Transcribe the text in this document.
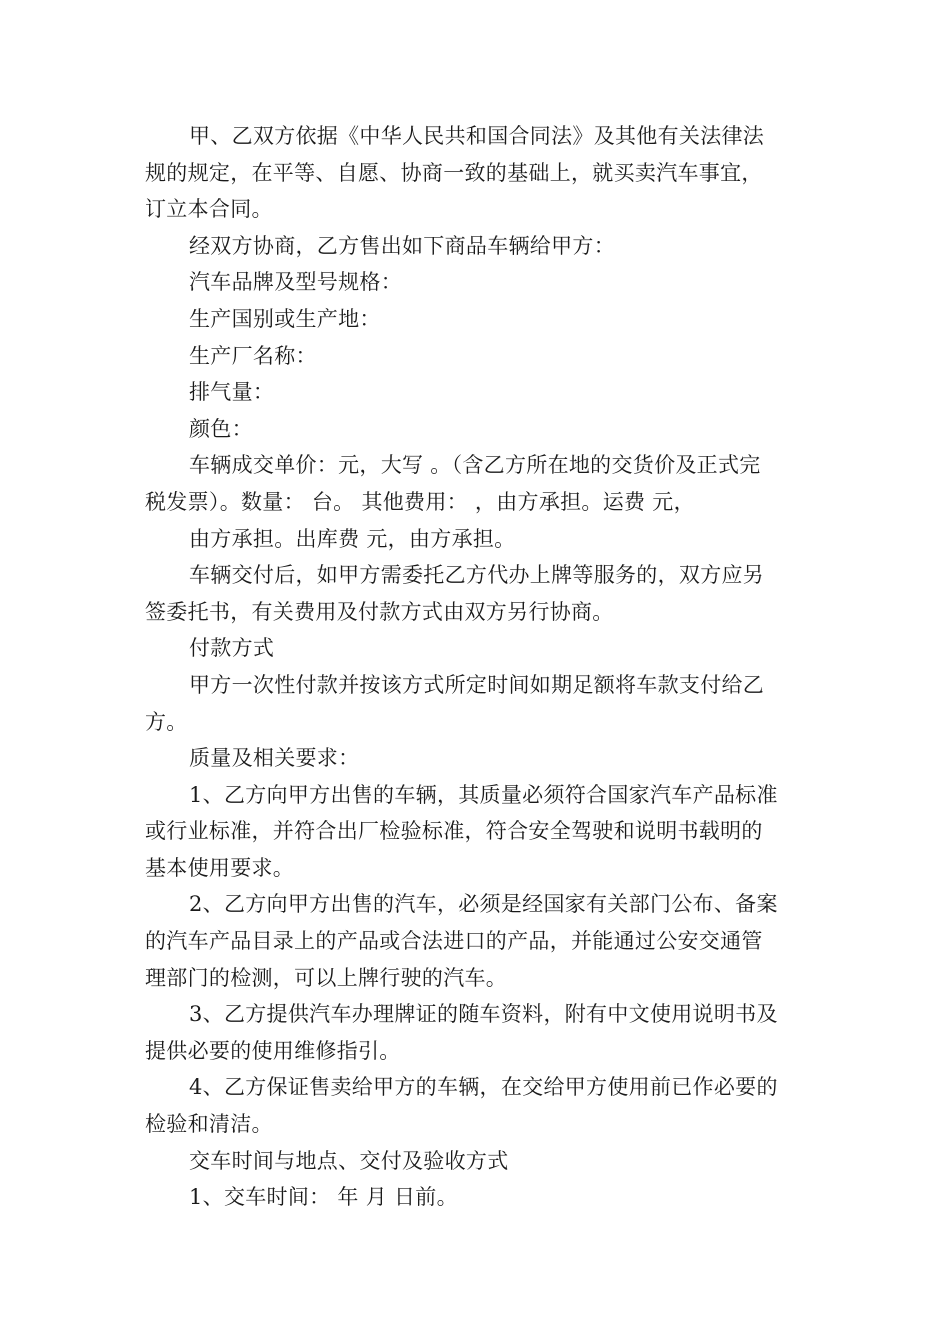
甲、乙双方依据《中华人民共和国合同法》及其他有关法律法
规的规定，在平等、自愿、协商一致的基础上，就买卖汽车事宜，
订立本合同。
经双方协商，乙方售出如下商品车辆给甲方：
汽车品牌及型号规格：
生产国别或生产地：
生产厂名称：
排气量：
颜色：
车辆成交单价：元，大写 。（含乙方所在地的交货价及正式完
税发票）。数量： 台。 其他费用： ，由方承担。运费 元，
由方承担。出库费 元，由方承担。
车辆交付后，如甲方需委托乙方代办上牌等服务的，双方应另
签委托书，有关费用及付款方式由双方另行协商。
付款方式
甲方一次性付款并按该方式所定时间如期足额将车款支付给乙
方。
质量及相关要求：
1、乙方向甲方出售的车辆，其质量必须符合国家汽车产品标准
或行业标准，并符合出厂检验标准，符合安全驾驶和说明书载明的
基本使用要求。
2、乙方向甲方出售的汽车，必须是经国家有关部门公布、备案
的汽车产品目录上的产品或合法进口的产品，并能通过公安交通管
理部门的检测，可以上牌行驶的汽车。
3、乙方提供汽车办理牌证的随车资料，附有中文使用说明书及
提供必要的使用维修指引。
4、乙方保证售卖给甲方的车辆，在交给甲方使用前已作必要的
检验和清洁。
交车时间与地点、交付及验收方式
1、交车时间： 年 月 日前。
